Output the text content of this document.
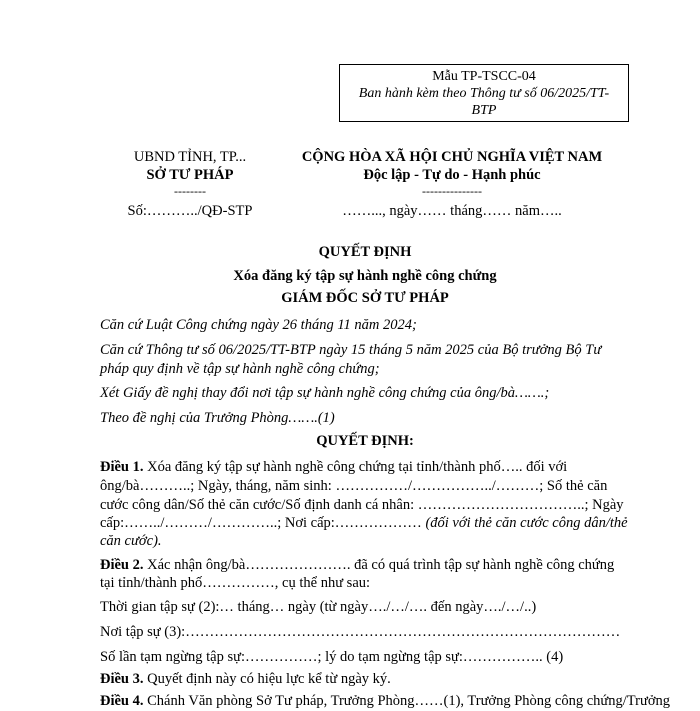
Mẫu TP-TSCC-04
Ban hành kèm theo Thông tư số 06/2025/TT-
BTP
UBND TỈNH, TP...
SỞ TƯ PHÁP
--------
Số:………../QĐ-STP
CỘNG HÒA XÃ HỘI CHỦ NGHĨA VIỆT NAM
Độc lập - Tự do - Hạnh phúc
---------------
……..., ngày…… tháng…… năm…..
QUYẾT ĐỊNH
Xóa đăng ký tập sự hành nghề công chứng
GIÁM ĐỐC SỞ TƯ PHÁP
Căn cứ Luật Công chứng ngày 26 tháng 11 năm 2024;
Căn cứ Thông tư số 06/2025/TT-BTP ngày 15 tháng 5 năm 2025 của Bộ trưởng Bộ Tư
pháp quy định về tập sự hành nghề công chứng;
Xét Giấy đề nghị thay đổi nơi tập sự hành nghề công chứng của ông/bà…….;
Theo đề nghị của Trưởng Phòng…….(1)
QUYẾT ĐỊNH:
Điều 1. Xóa đăng ký tập sự hành nghề công chứng tại tỉnh/thành phố….. đối với
ông/bà………..; Ngày, tháng, năm sinh: ……………/……………../………; Số thẻ căn
cước công dân/Số thẻ căn cước/Số định danh cá nhân: ……………………………..; Ngày
cấp:……../………/…………..; Nơi cấp:……………… (đối với thẻ căn cước công dân/thẻ
căn cước).
Điều 2. Xác nhận ông/bà…………………. đã có quá trình tập sự hành nghề công chứng
tại tỉnh/thành phố……………, cụ thể như sau:
Thời gian tập sự (2):… tháng… ngày (từ ngày…./…/…. đến ngày…./…/..)
Nơi tập sự (3):………………………………………………………………………………
Số lần tạm ngừng tập sự:……………; lý do tạm ngừng tập sự:…………….. (4)
Điều 3. Quyết định này có hiệu lực kể từ ngày ký.
Điều 4. Chánh Văn phòng Sở Tư pháp, Trưởng Phòng……(1), Trưởng Phòng công chứng/Trưởng
